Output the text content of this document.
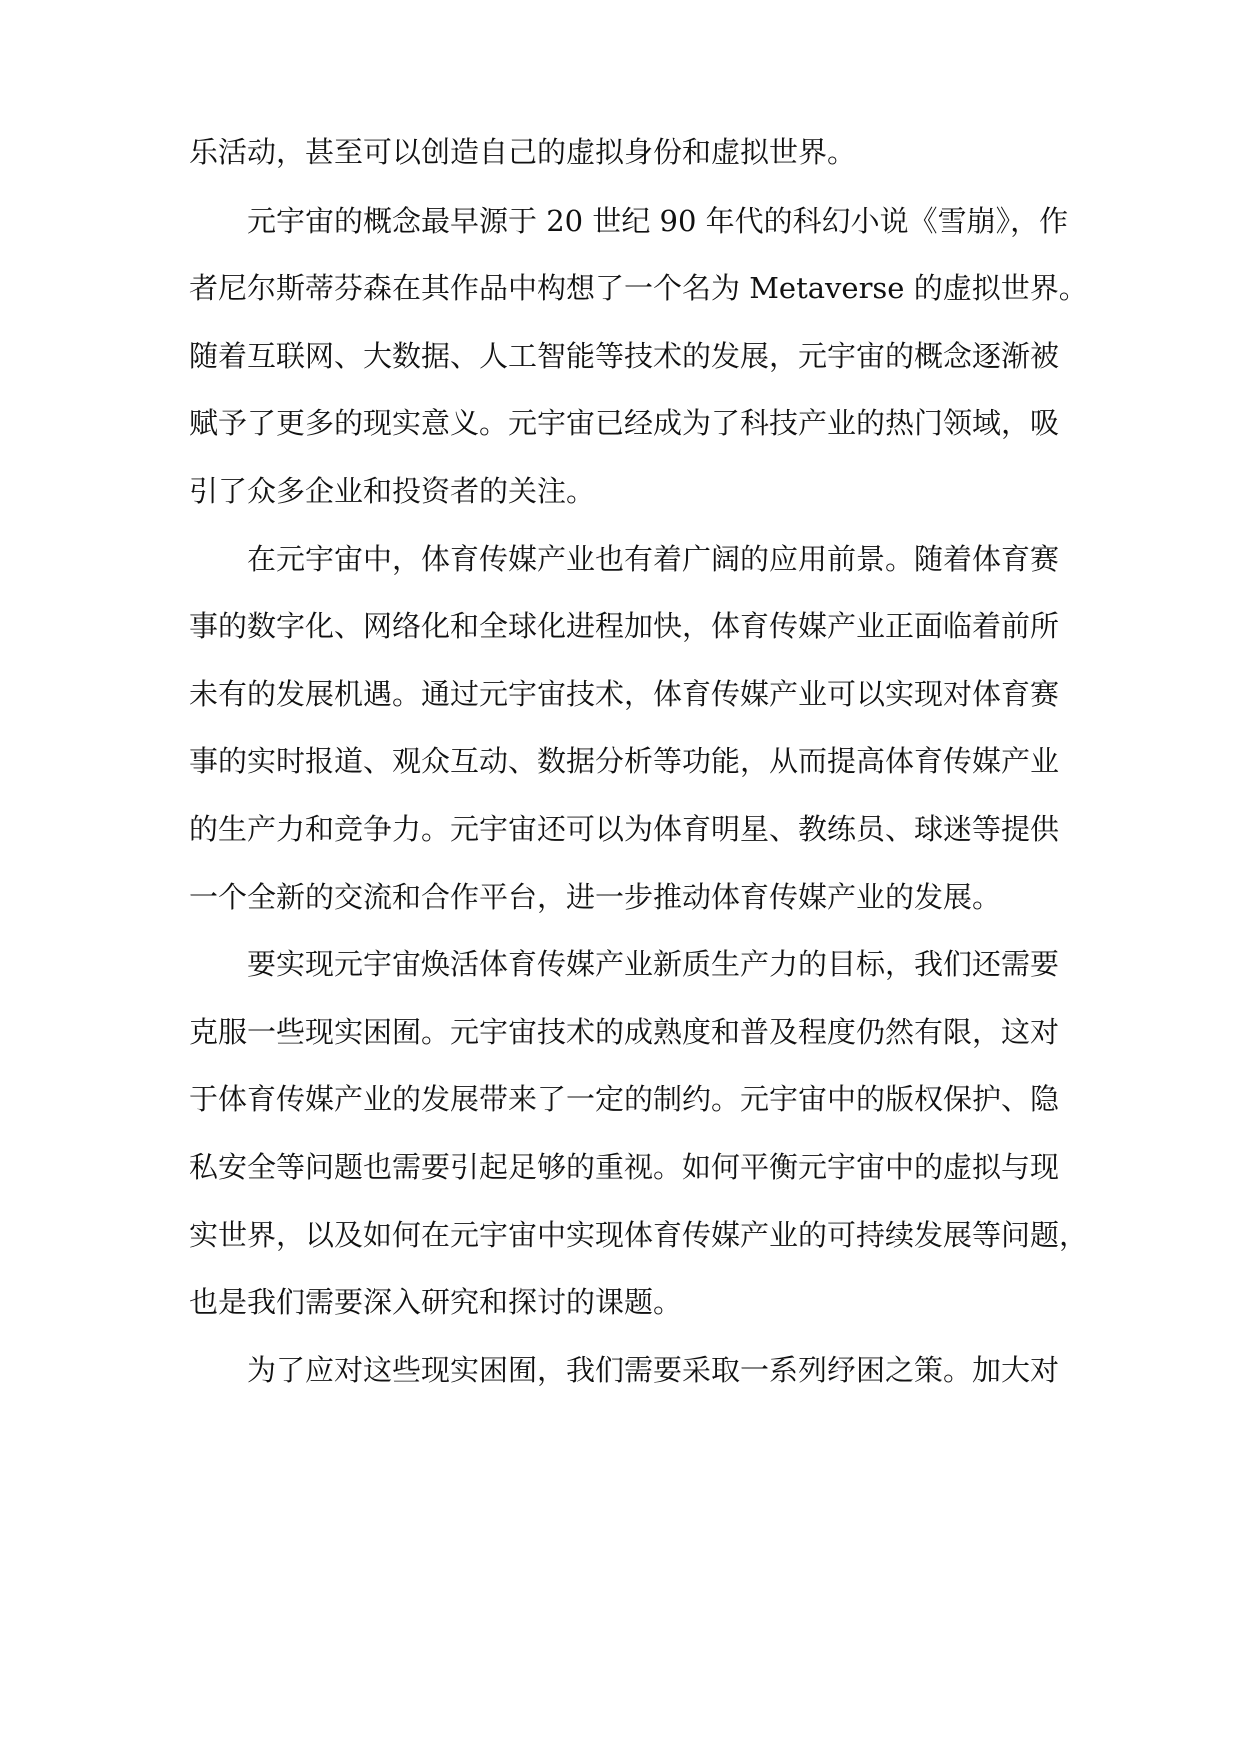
乐活动，甚至可以创造自己的虚拟身份和虚拟世界。

元宇宙的概念最早源于 20 世纪 90 年代的科幻小说《雪崩》，作

者尼尔斯蒂芬森在其作品中构想了一个名为 Metaverse 的虚拟世界。

随着互联网、大数据、人工智能等技术的发展，元宇宙的概念逐渐被

赋予了更多的现实意义。元宇宙已经成为了科技产业的热门领域，吸

引了众多企业和投资者的关注。

在元宇宙中，体育传媒产业也有着广阔的应用前景。随着体育赛

事的数字化、网络化和全球化进程加快，体育传媒产业正面临着前所

未有的发展机遇。通过元宇宙技术，体育传媒产业可以实现对体育赛

事的实时报道、观众互动、数据分析等功能，从而提高体育传媒产业

的生产力和竞争力。元宇宙还可以为体育明星、教练员、球迷等提供

一个全新的交流和合作平台，进一步推动体育传媒产业的发展。

要实现元宇宙焕活体育传媒产业新质生产力的目标，我们还需要

克服一些现实困囿。元宇宙技术的成熟度和普及程度仍然有限，这对

于体育传媒产业的发展带来了一定的制约。元宇宙中的版权保护、隐

私安全等问题也需要引起足够的重视。如何平衡元宇宙中的虚拟与现

实世界，以及如何在元宇宙中实现体育传媒产业的可持续发展等问题，

也是我们需要深入研究和探讨的课题。

为了应对这些现实困囿，我们需要采取一系列纾困之策。加大对
